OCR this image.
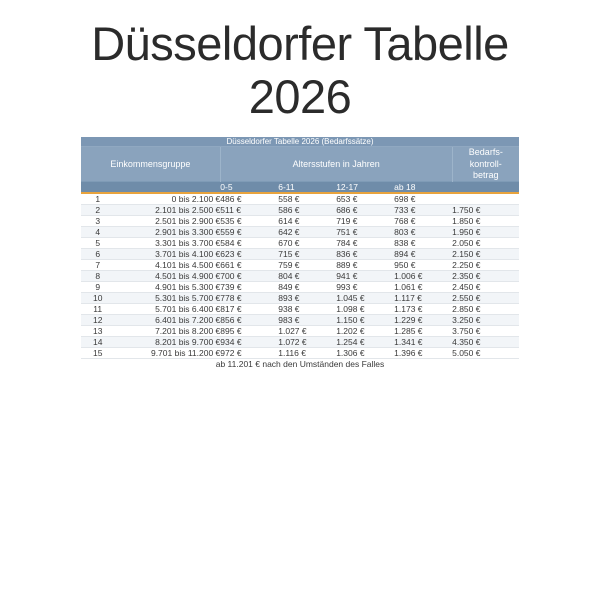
Düsseldorfer Tabelle
2026
Düsseldorfer Tabelle 2026 (Bedarfssätze)						
Einkommensgruppe		Altersstufen in Jahren				Bedarfs-
kontroll-
betrag
		0-5	6-11	12-17	ab 18	
1	0 bis 2.100 €	486 €	558 €	653 €	698 €	
2	2.101 bis 2.500 €	511 €	586 €	686 €	733 €	1.750 €
3	2.501 bis 2.900 €	535 €	614 €	719 €	768 €	1.850 €
4	2.901 bis 3.300 €	559 €	642 €	751 €	803 €	1.950 €
5	3.301 bis 3.700 €	584 €	670 €	784 €	838 €	2.050 €
6	3.701 bis 4.100 €	623 €	715 €	836 €	894 €	2.150 €
7	4.101 bis 4.500 €	661 €	759 €	889 €	950 €	2.250 €
8	4.501 bis 4.900 €	700 €	804 €	941 €	1.006 €	2.350 €
9	4.901 bis 5.300 €	739 €	849 €	993 €	1.061 €	2.450 €
10	5.301 bis 5.700 €	778 €	893 €	1.045 €	1.117 €	2.550 €
11	5.701 bis 6.400 €	817 €	938 €	1.098 €	1.173 €	2.850 €
12	6.401 bis 7.200 €	856 €	983 €	1.150 €	1.229 €	3.250 €
13	7.201 bis 8.200 €	895 €	1.027 €	1.202 €	1.285 €	3.750 €
14	8.201 bis 9.700 €	934 €	1.072 €	1.254 €	1.341 €	4.350 €
15	9.701 bis 11.200 €	972 €	1.116 €	1.306 €	1.396 €	5.050 €
ab 11.201 € nach den Umständen des Falles						
